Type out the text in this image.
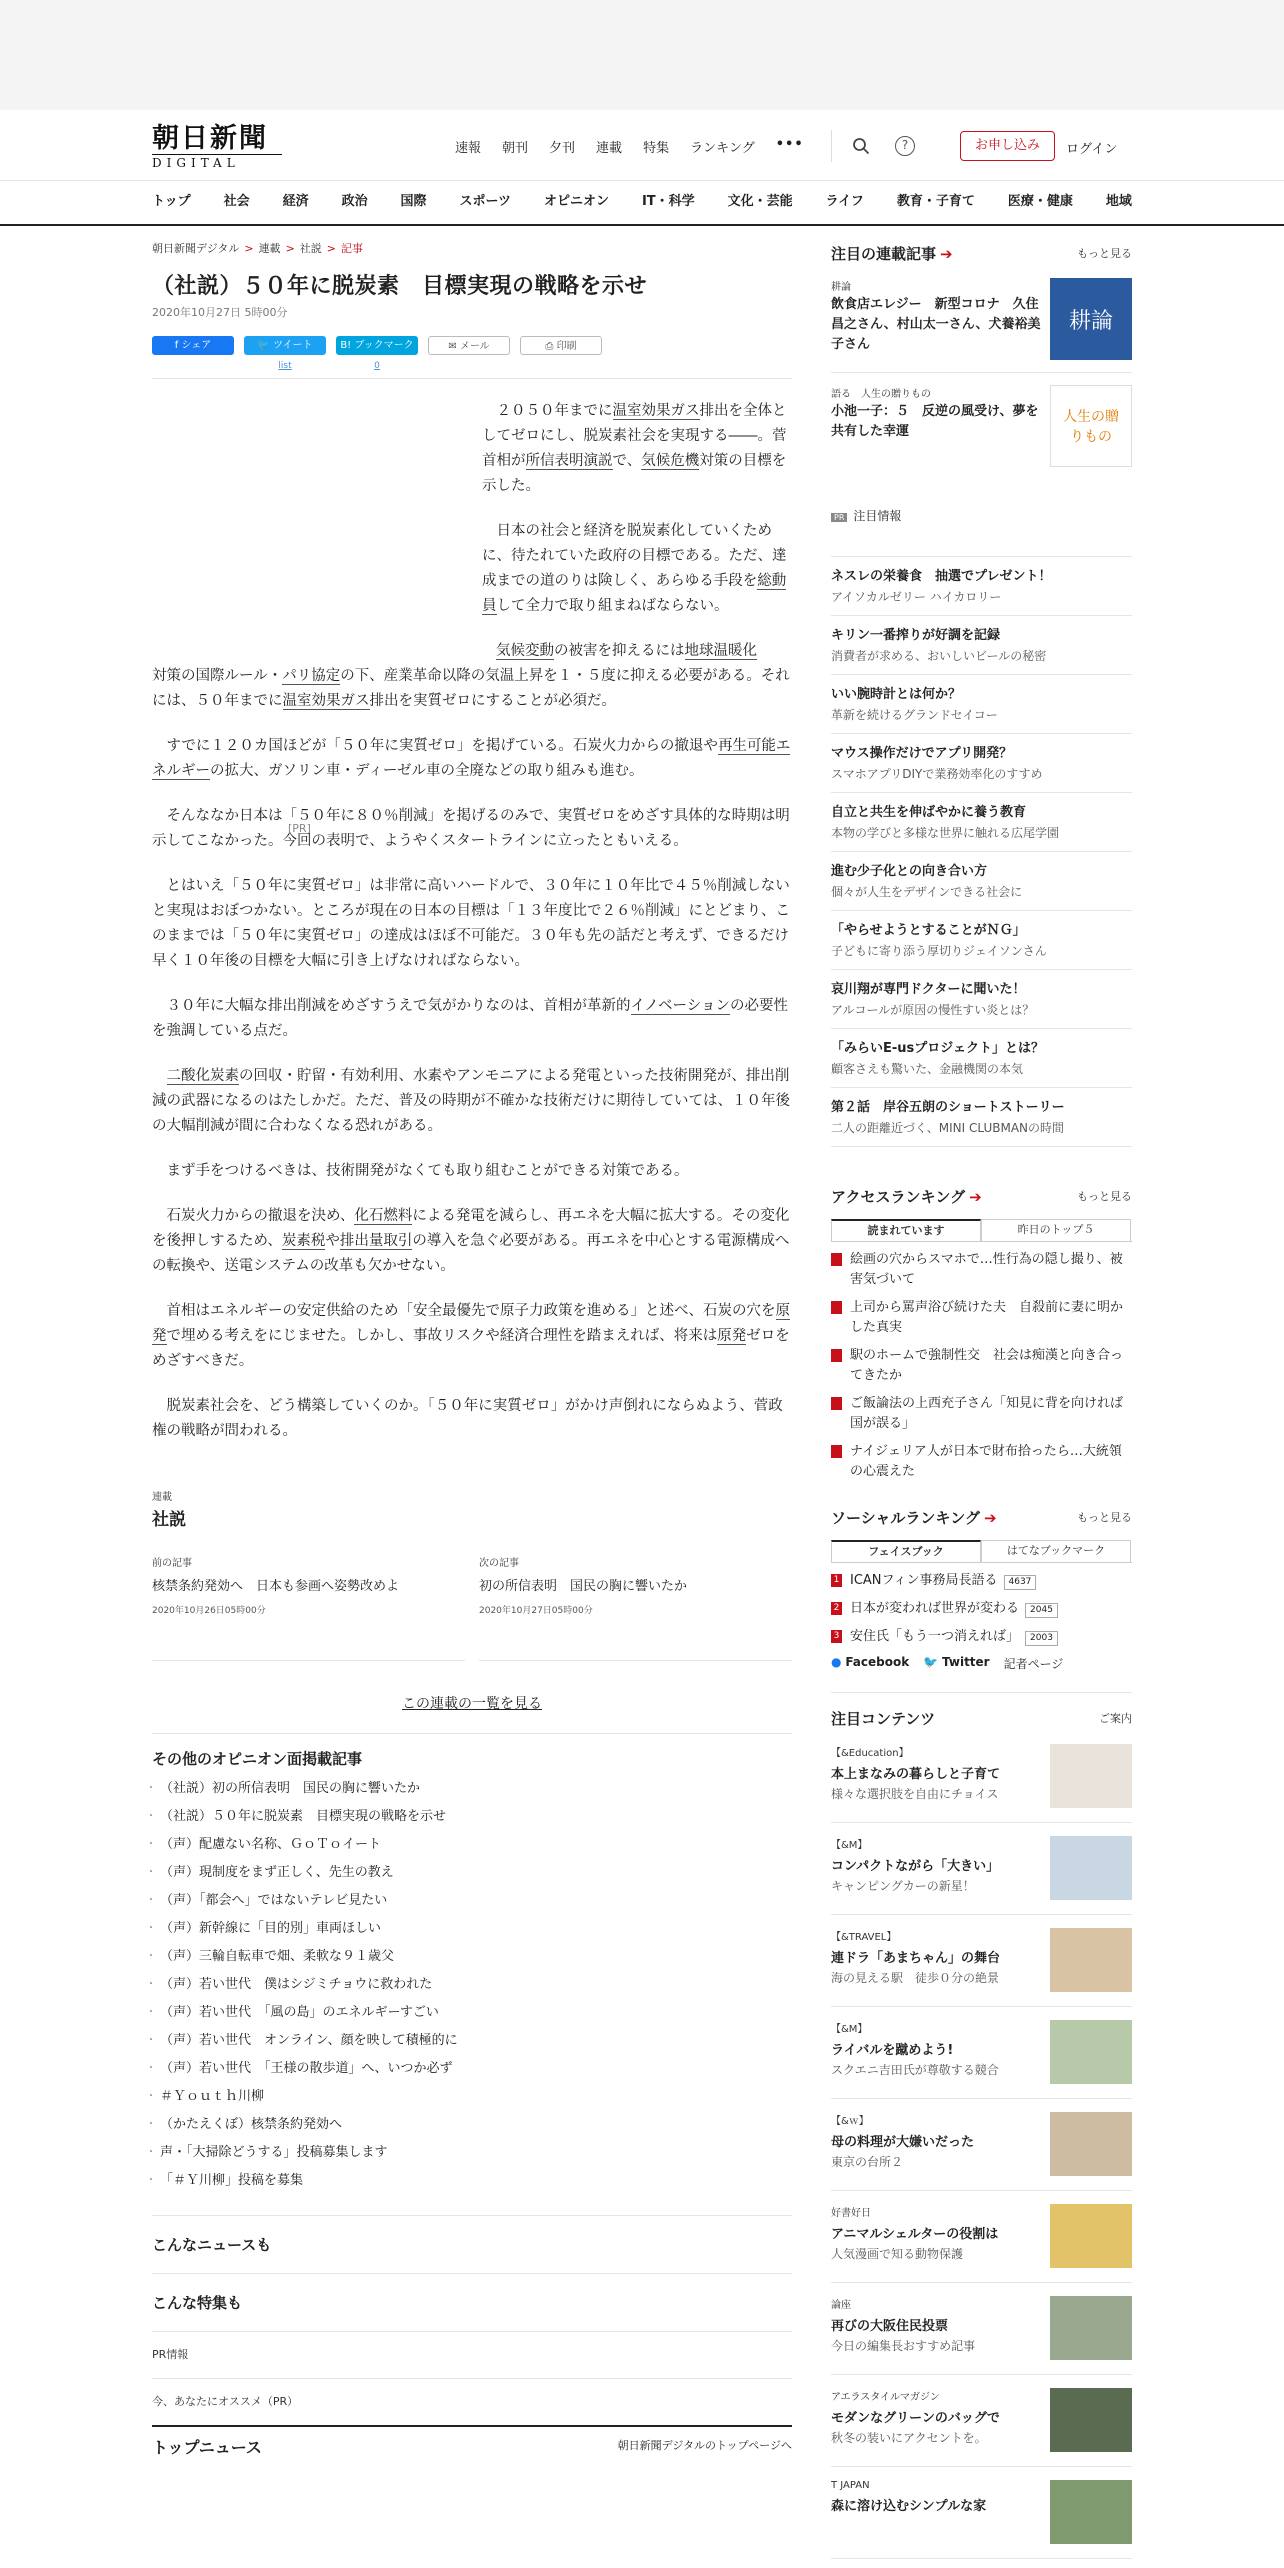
朝日新聞
DIGITAL
速報 朝刊 夕刊 連載 特集 ランキング •••	?	お申し込み	ログイン
トップ	社会	経済	政治	国際	スポーツ	オピニオン	IT・科学	文化・芸能	ライフ	教育・子育て	医療・健康	地域
朝日新聞デジタル > 連載 > 社説 > 記事
（社説）５０年に脱炭素　目標実現の戦略を示せ
2020年10月27日 5時00分
f シェア	🐦 ツイート
list
B! ブックマーク
0
✉ メール	⎙ 印刷
[PR]

２０５０年までに温室効果ガス排出を全体としてゼロにし、脱炭素社会を実現する――。菅首相が所信表明演説で、気候危機対策の目標を示した。

日本の社会と経済を脱炭素化していくために、待たれていた政府の目標である。ただ、達成までの道のりは険しく、あらゆる手段を総動員して全力で取り組まねばならない。

気候変動の被害を抑えるには地球温暖化

対策の国際ルール・パリ協定の下、産業革命以降の気温上昇を１・５度に抑える必要がある。それには、５０年までに温室効果ガス排出を実質ゼロにすることが必須だ。

すでに１２０カ国ほどが「５０年に実質ゼロ」を掲げている。石炭火力からの撤退や再生可能エネルギーの拡大、ガソリン車・ディーゼル車の全廃などの取り組みも進む。

そんななか日本は「５０年に８０％削減」を掲げるのみで、実質ゼロをめざす具体的な時期は明示してこなかった。今回の表明で、ようやくスタートラインに立ったともいえる。

とはいえ「５０年に実質ゼロ」は非常に高いハードルで、３０年に１０年比で４５％削減しないと実現はおぼつかない。ところが現在の日本の目標は「１３年度比で２６％削減」にとどまり、このままでは「５０年に実質ゼロ」の達成はほぼ不可能だ。３０年も先の話だと考えず、できるだけ早く１０年後の目標を大幅に引き上げなければならない。

３０年に大幅な排出削減をめざすうえで気がかりなのは、首相が革新的イノベーションの必要性を強調している点だ。

二酸化炭素の回収・貯留・有効利用、水素やアンモニアによる発電といった技術開発が、排出削減の武器になるのはたしかだ。ただ、普及の時期が不確かな技術だけに期待していては、１０年後の大幅削減が間に合わなくなる恐れがある。

まず手をつけるべきは、技術開発がなくても取り組むことができる対策である。

石炭火力からの撤退を決め、化石燃料による発電を減らし、再エネを大幅に拡大する。その変化を後押しするため、炭素税や排出量取引の導入を急ぐ必要がある。再エネを中心とする電源構成への転換や、送電システムの改革も欠かせない。

首相はエネルギーの安定供給のため「安全最優先で原子力政策を進める」と述べ、石炭の穴を原発で埋める考えをにじませた。しかし、事故リスクや経済合理性を踏まえれば、将来は原発ゼロをめざすべきだ。

脱炭素社会を、どう構築していくのか。「５０年に実質ゼロ」がかけ声倒れにならぬよう、菅政権の戦略が問われる。

連載
社説
前の記事
核禁条約発効へ　日本も参画へ姿勢改めよ
2020年10月26日05時00分
次の記事
初の所信表明　国民の胸に響いたか
2020年10月27日05時00分
この連載の一覧を見る
その他のオピニオン面掲載記事
・ （社説）初の所信表明　国民の胸に響いたか
・ （社説）５０年に脱炭素　目標実現の戦略を示せ
・ （声）配慮ない名称、ＧｏＴｏイート
・ （声）現制度をまず正しく、先生の教え
・ （声）「都会へ」ではないテレビ見たい
・ （声）新幹線に「目的別」車両ほしい
・ （声）三輪自転車で畑、柔軟な９１歳父
・ （声）若い世代　僕はシジミチョウに救われた
・ （声）若い世代　「風の島」のエネルギーすごい
・ （声）若い世代　オンライン、顔を映して積極的に
・ （声）若い世代　「王様の散歩道」へ、いつか必ず
・ ＃Ｙｏｕｔｈ川柳
・ （かたえくぼ）核禁条約発効へ
・ 声・「大掃除どうする」投稿募集します
・ 「＃Ｙ川柳」投稿を募集
こんなニュースも
こんな特集も
PR情報
今、あなたにオススメ（PR）
トップニュース	朝日新聞デジタルのトップページへ
注目の連載記事 ➔	もっと見る
耕論
飲食店エレジー　新型コロナ　久住昌之さん、村山太一さん、犬養裕美子さん
耕論
語る　人生の贈りもの
小池一子：５　反逆の風受け、夢を共有した幸運
人生の贈りもの
PR 注目情報
ネスレの栄養食　抽選でプレゼント！
アイソカルゼリー ハイカロリー
キリン一番搾りが好調を記録
消費者が求める、おいしいビールの秘密
いい腕時計とは何か？
革新を続けるグランドセイコー
マウス操作だけでアプリ開発？
スマホアプリDIYで業務効率化のすすめ
自立と共生を伸ばやかに養う教育
本物の学びと多様な世界に触れる広尾学園
進む少子化との向き合い方
個々が人生をデザインできる社会に
「やらせようとすることがＮＧ」
子どもに寄り添う厚切りジェイソンさん
哀川翔が専門ドクターに聞いた！
アルコールが原因の慢性すい炎とは？
「みらいE-usプロジェクト」とは？
顧客さえも驚いた、金融機関の本気
第２話　岸谷五朗のショートストーリー
二人の距離近づく、MINI CLUBMANの時間
アクセスランキング ➔	もっと見る
読まれています	昨日のトップ５
絵画の穴からスマホで…性行為の隠し撮り、被害気づいて
上司から罵声浴び続けた夫　自殺前に妻に明かした真実
駅のホームで強制性交　社会は痴漢と向き合ってきたか
ご飯論法の上西充子さん「知見に背を向ければ国が誤る」
ナイジェリア人が日本で財布拾ったら…大統領の心震えた
ソーシャルランキング ➔	もっと見る
フェイスブック	はてなブックマーク
1 ICANフィン事務局長語る 4637
2 日本が変われば世界が変わる 2045
3 安住氏「もう一つ消えれば」 2003
● Facebook 🐦 Twitter 記者ページ
注目コンテンツ	ご案内
【&Education】
本上まなみの暮らしと子育て
様々な選択肢を自由にチョイス
【&M】
コンパクトながら「大きい」
キャンピングカーの新星！
【&TRAVEL】
連ドラ「あまちゃん」の舞台
海の見える駅　徒歩０分の絶景
【&M】
ライバルを蹴めよう!
スクエニ吉田氏が尊敬する競合
【&ｗ】
母の料理が大嫌いだった
東京の台所２
好書好日
アニマルシェルターの役割は
人気漫画で知る動物保護
論座
再びの大阪住民投票
今日の編集長おすすめ記事
アエラスタイルマガジン
モダンなグリーンのバッグで
秋冬の装いにアクセントを。
T JAPAN
森に溶け込むシンプルな家
